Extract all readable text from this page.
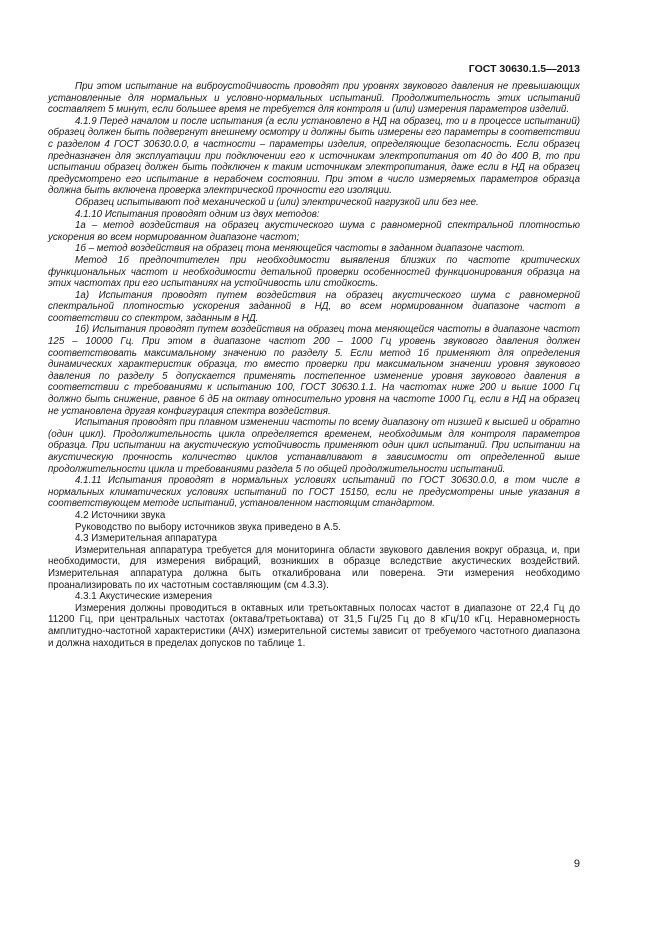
ГОСТ 30630.1.5—2013

При этом испытание на виброустойчивость проводят при уровнях звукового давления не превышающих установленные для нормальных и условно-нормальных испытаний. Продолжительность этих испытаний составляет 5 минут, если большее время не требуется для контроля и (или) измерения параметров изделий.

4.1.9 Перед началом и после испытания (а если установлено в НД на образец, то и в процессе испытаний) образец должен быть подвергнут внешнему осмотру и должны быть измерены его параметры в соответствии с разделом 4 ГОСТ 30630.0.0, в частности – параметры изделия, определяющие безопасность. Если образец предназначен для эксплуатации при подключении его к источникам электропитания от 40 до 400 В, то при испытании образец должен быть подключен к таким источникам электропитания, даже если в НД на образец предусмотрено его испытание в нерабочем состоянии. При этом в число измеряемых параметров образца должна быть включена проверка электрической прочности его изоляции.

Образец испытывают под механической и (или) электрической нагрузкой или без нее.

4.1.10 Испытания проводят одним из двух методов:

1а – метод воздействия на образец акустического шума с равномерной спектральной плотностью ускорения во всем нормированном диапазоне частот;

1б – метод воздействия на образец тона меняющейся частоты в заданном диапазоне частот.

Метод 1б предпочтителен при необходимости выявления близких по частоте критических функциональных частот и необходимости детальной проверки особенностей функционирования образца на этих частотах при его испытаниях на устойчивость или стойкость.

1а) Испытания проводят путем воздействия на образец акустического шума с равномерной спектральной плотностью ускорения заданной в НД, во всем нормированном диапазоне частот в соответствии со спектром, заданным в НД.

1б) Испытания проводят путем воздействия на образец тона меняющейся частоты в диапазоне частот 125 – 10000 Гц. При этом в диапазоне частот 200 – 1000 Гц уровень звукового давления должен соответствовать максимальному значению по разделу 5. Если метод 1б применяют для определения динамических характеристик образца, то вместо проверки при максимальном значении уровня звукового давления по разделу 5 допускается применять постепенное изменение уровня звукового давления в соответствии с требованиями к испытанию 100, ГОСТ 30630.1.1. На частотах ниже 200 и выше 1000 Гц должно быть снижение, равное 6 дБ на октаву относительно уровня на частоте 1000 Гц, если в НД на образец не установлена другая конфигурация спектра воздействия.

Испытания проводят при плавном изменении частоты по всему диапазону от низшей к высшей и обратно (один цикл). Продолжительность цикла определяется временем, необходимым для контроля параметров образца. При испытании на акустическую устойчивость применяют один цикл испытаний. При испытании на акустическую прочность количество циклов устанавливают в зависимости от определенной выше продолжительности цикла и требованиями раздела 5 по общей продолжительности испытаний.

4.1.11 Испытания проводят в нормальных условиях испытаний по ГОСТ 30630.0.0, в том числе в нормальных климатических условиях испытаний по ГОСТ 15150, если не предусмотрены иные указания в соответствующем методе испытаний, установленном настоящим стандартом.

4.2 Источники звука

Руководство по выбору источников звука приведено в А.5.

4.3 Измерительная аппаратура

Измерительная аппаратура требуется для мониторинга области звукового давления вокруг образца, и, при необходимости, для измерения вибраций, возникших в образце вследствие акустических воздействий. Измерительная аппаратура должна быть откалибрована или поверена. Эти измерения необходимо проанализировать по их частотным составляющим (см 4.3.3).

4.3.1 Акустические измерения

Измерения должны проводиться в октавных или третьоктавных полосах частот в диапазоне от 22,4 Гц до 11200 Гц, при центральных частотах (октава/третьоктава) от 31,5 Гц/25 Гц до 8 кГц/10 кГц. Неравномерность амплитудно-частотной характеристики (АЧХ) измерительной системы зависит от требуемого частотного диапазона и должна находиться в пределах допусков по таблице 1.

9
